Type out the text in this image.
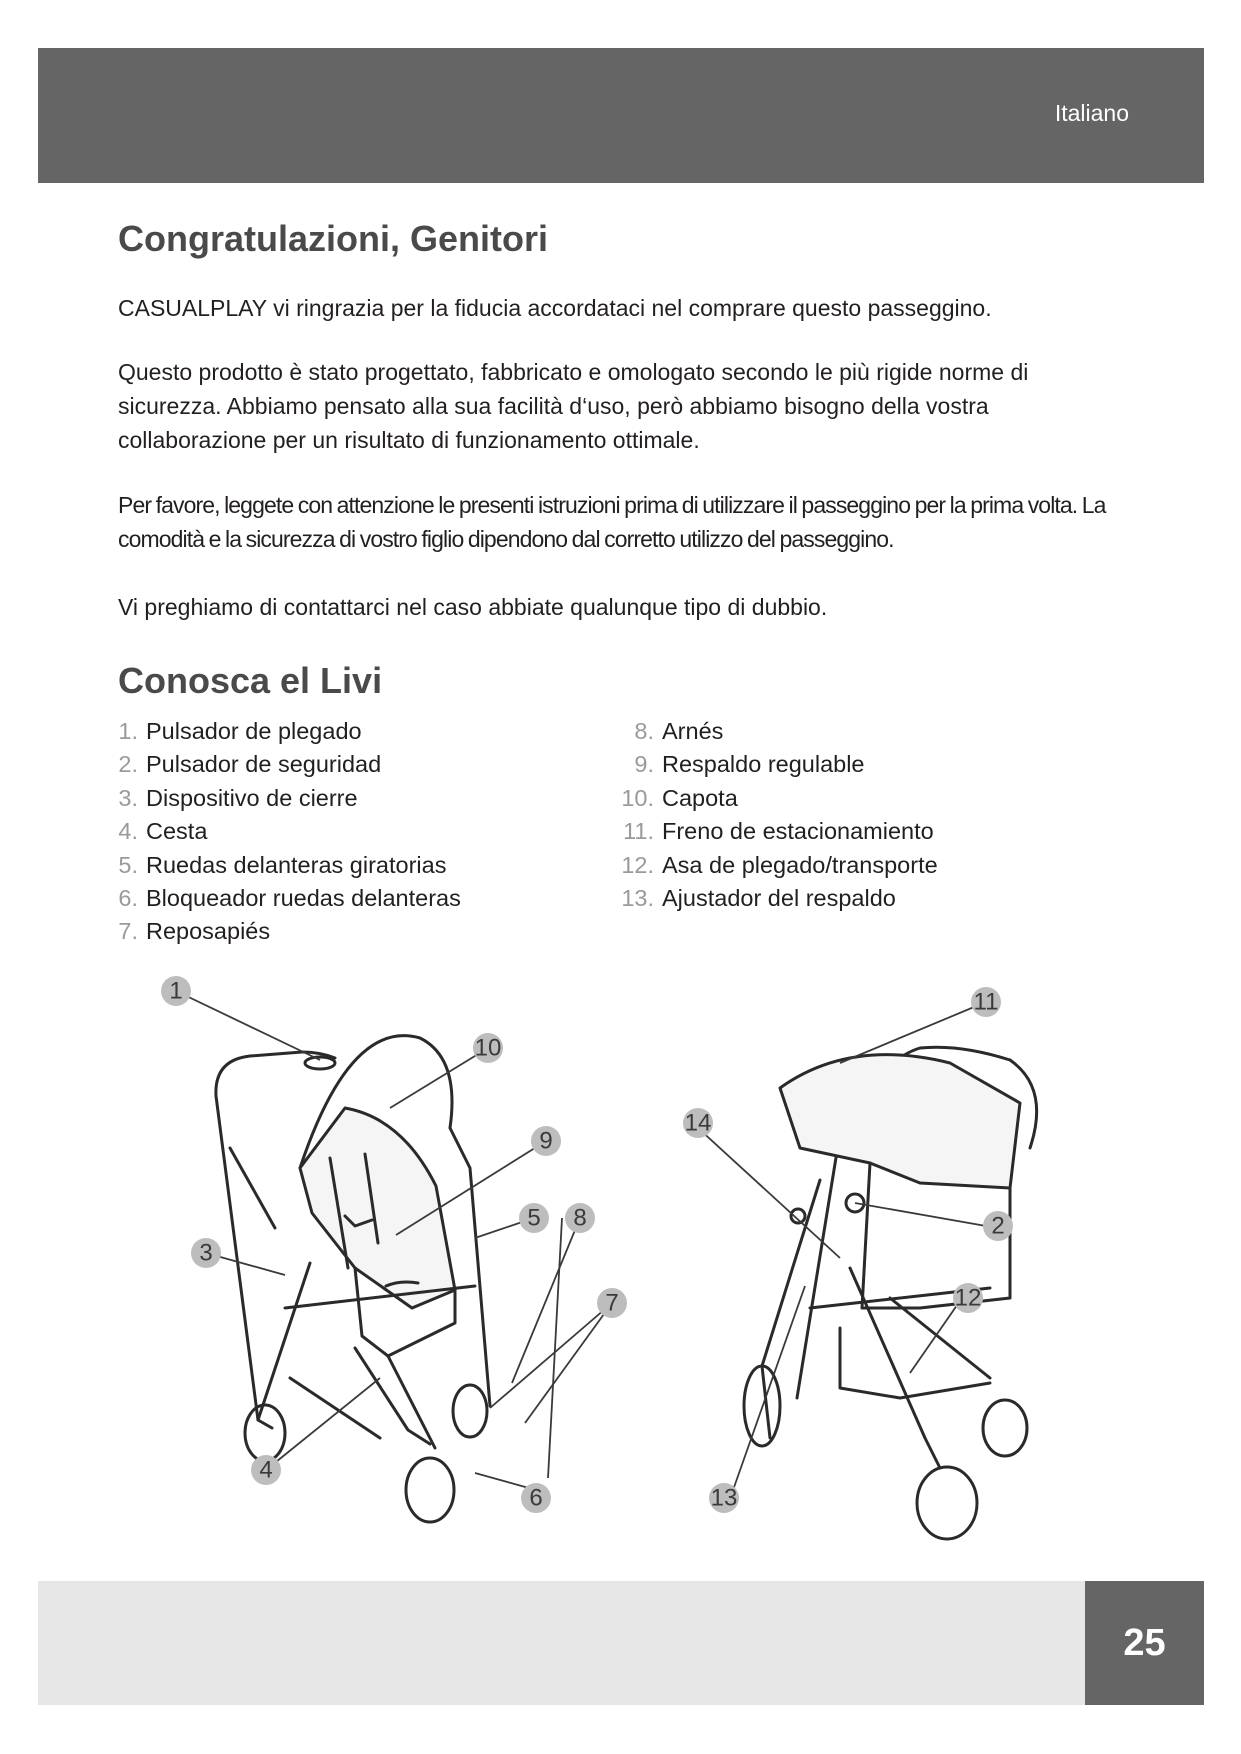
Italiano
Congratulazioni, Genitori

CASUALPLAY vi ringrazia per la fiducia accordataci nel comprare questo passeggino.

Questo prodotto è stato progettato, fabbricato e omologato secondo le più rigide norme di sicurezza. Abbiamo pensato alla sua facilità d‘uso, però abbiamo bisogno della vostra collaborazione per un risultato di funzionamento ottimale.

Per favore, leggete con attenzione le presenti istruzioni prima di utilizzare il passeggino per la prima volta. La comodità e la sicurezza di vostro figlio dipendono dal corretto utilizzo del passeggino.

Vi preghiamo di contattarci nel caso abbiate qualunque tipo di dubbio.

Conosca el Livi
1. Pulsador de plegado
2. Pulsador de seguridad
3. Dispositivo de cierre
4. Cesta
5. Ruedas delanteras giratorias
6. Bloqueador ruedas delanteras
7. Reposapiés
8. Arnés
9. Respaldo regulable
10. Capota
11. Freno de estacionamiento
12. Asa de plegado/transporte
13. Ajustador del respaldo
1
10
9
5 8
3
7
4
6
11
14
2
12
13
25
